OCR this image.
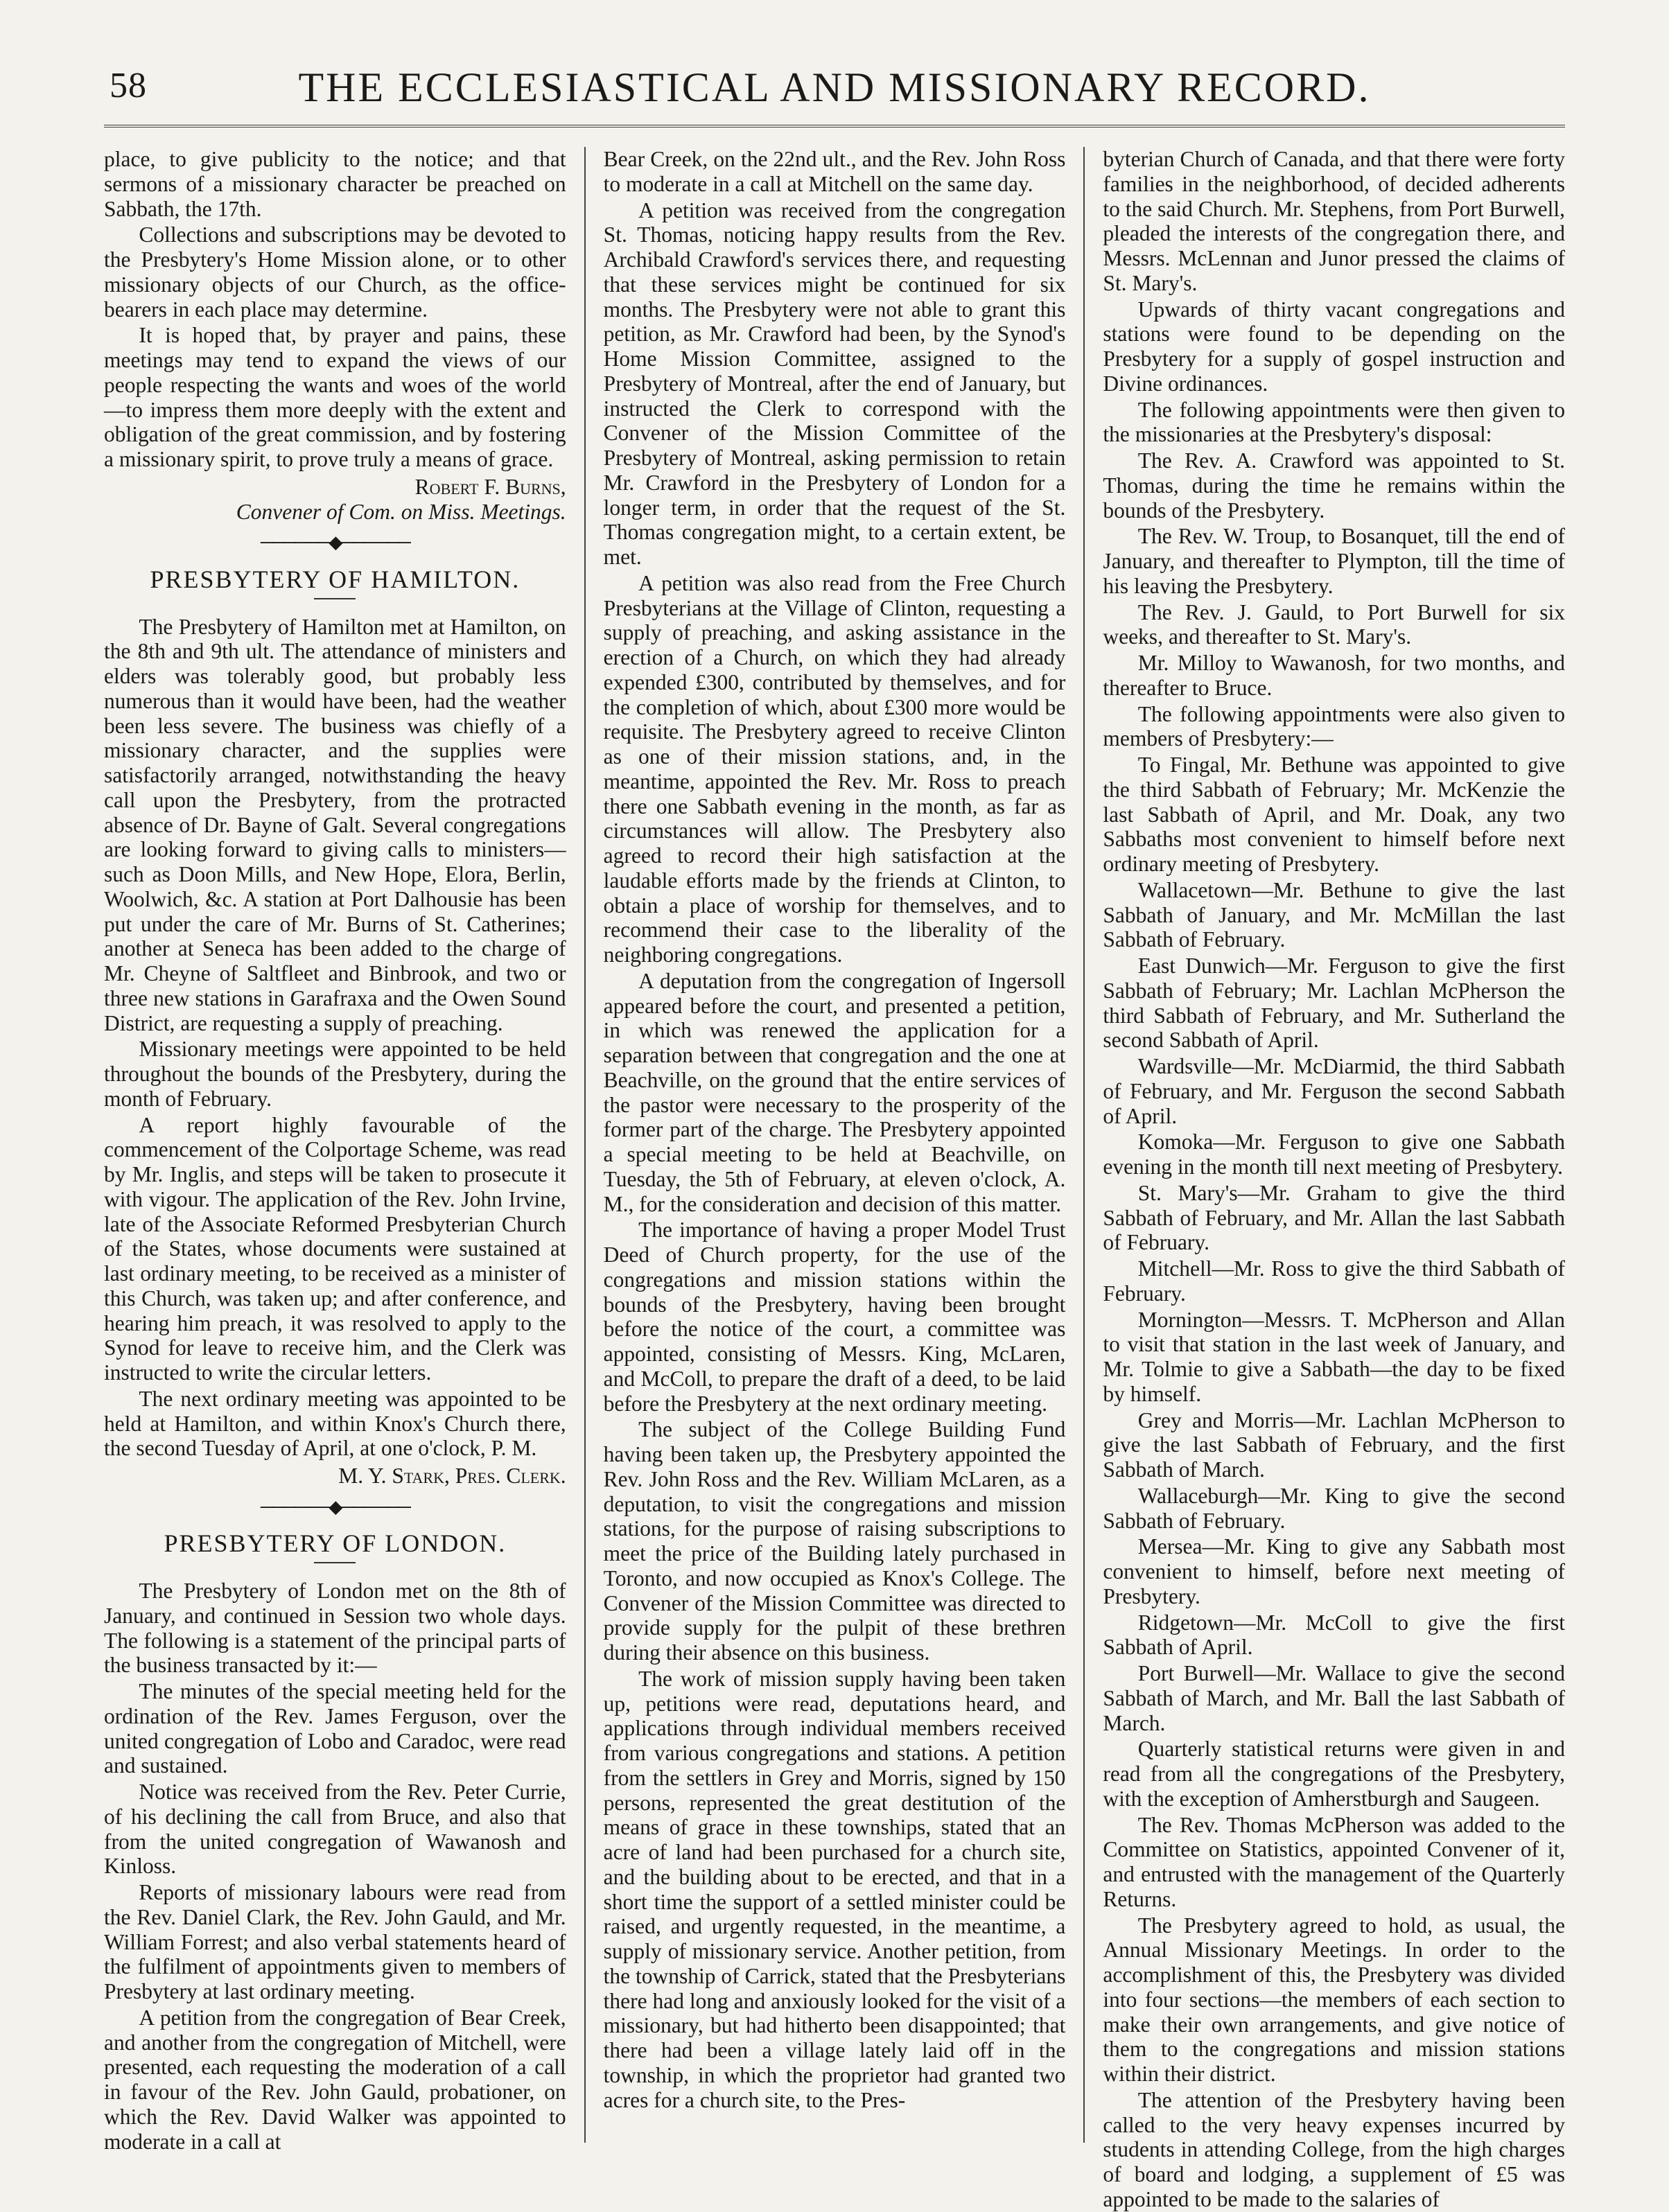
58	THE ECCLESIASTICAL AND MISSIONARY RECORD.

place, to give publicity to the notice; and that sermons of a missionary character be preached on Sabbath, the 17th.

Collections and subscriptions may be devoted to the Presbytery's Home Mission alone, or to other missionary objects of our Church, as the office-bearers in each place may determine.

It is hoped that, by prayer and pains, these meetings may tend to expand the views of our people respecting the wants and woes of the world—to impress them more deeply with the extent and obligation of the great commission, and by fostering a missionary spirit, to prove truly a means of grace.

Robert F. Burns,
Convener of Com. on Miss. Meetings.
──────◆──────
PRESBYTERY OF HAMILTON.

The Presbytery of Hamilton met at Hamilton, on the 8th and 9th ult. The attendance of ministers and elders was tolerably good, but probably less numerous than it would have been, had the weather been less severe. The business was chiefly of a missionary character, and the supplies were satisfactorily arranged, notwithstanding the heavy call upon the Presbytery, from the protracted absence of Dr. Bayne of Galt. Several congregations are looking forward to giving calls to ministers—such as Doon Mills, and New Hope, Elora, Berlin, Woolwich, &c. A station at Port Dalhousie has been put under the care of Mr. Burns of St. Catherines; another at Seneca has been added to the charge of Mr. Cheyne of Saltfleet and Binbrook, and two or three new stations in Garafraxa and the Owen Sound District, are requesting a supply of preaching.

Missionary meetings were appointed to be held throughout the bounds of the Presbytery, during the month of February.

A report highly favourable of the commencement of the Colportage Scheme, was read by Mr. Inglis, and steps will be taken to prosecute it with vigour. The application of the Rev. John Irvine, late of the Associate Reformed Presbyterian Church of the States, whose documents were sustained at last ordinary meeting, to be received as a minister of this Church, was taken up; and after conference, and hearing him preach, it was resolved to apply to the Synod for leave to receive him, and the Clerk was instructed to write the circular letters.

The next ordinary meeting was appointed to be held at Hamilton, and within Knox's Church there, the second Tuesday of April, at one o'clock, P. M.

M. Y. Stark, Pres. Clerk.
──────◆──────
PRESBYTERY OF LONDON.

The Presbytery of London met on the 8th of January, and continued in Session two whole days. The following is a statement of the principal parts of the business transacted by it:—

The minutes of the special meeting held for the ordination of the Rev. James Ferguson, over the united congregation of Lobo and Caradoc, were read and sustained.

Notice was received from the Rev. Peter Currie, of his declining the call from Bruce, and also that from the united congregation of Wawanosh and Kinloss.

Reports of missionary labours were read from the Rev. Daniel Clark, the Rev. John Gauld, and Mr. William Forrest; and also verbal statements heard of the fulfilment of appointments given to members of Presbytery at last ordinary meeting.

A petition from the congregation of Bear Creek, and another from the congregation of Mitchell, were presented, each requesting the moderation of a call in favour of the Rev. John Gauld, probationer, on which the Rev. David Walker was appointed to moderate in a call at

Bear Creek, on the 22nd ult., and the Rev. John Ross to moderate in a call at Mitchell on the same day.

A petition was received from the congregation St. Thomas, noticing happy results from the Rev. Archibald Crawford's services there, and requesting that these services might be continued for six months. The Presbytery were not able to grant this petition, as Mr. Crawford had been, by the Synod's Home Mission Committee, assigned to the Presbytery of Montreal, after the end of January, but instructed the Clerk to correspond with the Convener of the Mission Committee of the Presbytery of Montreal, asking permission to retain Mr. Crawford in the Presbytery of London for a longer term, in order that the request of the St. Thomas congregation might, to a certain extent, be met.

A petition was also read from the Free Church Presbyterians at the Village of Clinton, requesting a supply of preaching, and asking assistance in the erection of a Church, on which they had already expended £300, contributed by themselves, and for the completion of which, about £300 more would be requisite. The Presbytery agreed to receive Clinton as one of their mission stations, and, in the meantime, appointed the Rev. Mr. Ross to preach there one Sabbath evening in the month, as far as circumstances will allow. The Presbytery also agreed to record their high satisfaction at the laudable efforts made by the friends at Clinton, to obtain a place of worship for themselves, and to recommend their case to the liberality of the neighboring congregations.

A deputation from the congregation of Ingersoll appeared before the court, and presented a petition, in which was renewed the application for a separation between that congregation and the one at Beachville, on the ground that the entire services of the pastor were necessary to the prosperity of the former part of the charge. The Presbytery appointed a special meeting to be held at Beachville, on Tuesday, the 5th of February, at eleven o'clock, A. M., for the consideration and decision of this matter.

The importance of having a proper Model Trust Deed of Church property, for the use of the congregations and mission stations within the bounds of the Presbytery, having been brought before the notice of the court, a committee was appointed, consisting of Messrs. King, McLaren, and McColl, to prepare the draft of a deed, to be laid before the Presbytery at the next ordinary meeting.

The subject of the College Building Fund having been taken up, the Presbytery appointed the Rev. John Ross and the Rev. William McLaren, as a deputation, to visit the congregations and mission stations, for the purpose of raising subscriptions to meet the price of the Building lately purchased in Toronto, and now occupied as Knox's College. The Convener of the Mission Committee was directed to provide supply for the pulpit of these brethren during their absence on this business.

The work of mission supply having been taken up, petitions were read, deputations heard, and applications through individual members received from various congregations and stations. A petition from the settlers in Grey and Morris, signed by 150 persons, represented the great destitution of the means of grace in these townships, stated that an acre of land had been purchased for a church site, and the building about to be erected, and that in a short time the support of a settled minister could be raised, and urgently requested, in the meantime, a supply of missionary service. Another petition, from the township of Carrick, stated that the Presbyterians there had long and anxiously looked for the visit of a missionary, but had hitherto been disappointed; that there had been a village lately laid off in the township, in which the proprietor had granted two acres for a church site, to the Pres-

byterian Church of Canada, and that there were forty families in the neighborhood, of decided adherents to the said Church. Mr. Stephens, from Port Burwell, pleaded the interests of the congregation there, and Messrs. McLennan and Junor pressed the claims of St. Mary's.

Upwards of thirty vacant congregations and stations were found to be depending on the Presbytery for a supply of gospel instruction and Divine ordinances.

The following appointments were then given to the missionaries at the Presbytery's disposal:

The Rev. A. Crawford was appointed to St. Thomas, during the time he remains within the bounds of the Presbytery.

The Rev. W. Troup, to Bosanquet, till the end of January, and thereafter to Plympton, till the time of his leaving the Presbytery.

The Rev. J. Gauld, to Port Burwell for six weeks, and thereafter to St. Mary's.

Mr. Milloy to Wawanosh, for two months, and thereafter to Bruce.

The following appointments were also given to members of Presbytery:—

To Fingal, Mr. Bethune was appointed to give the third Sabbath of February; Mr. McKenzie the last Sabbath of April, and Mr. Doak, any two Sabbaths most convenient to himself before next ordinary meeting of Presbytery.

Wallacetown—Mr. Bethune to give the last Sabbath of January, and Mr. McMillan the last Sabbath of February.

East Dunwich—Mr. Ferguson to give the first Sabbath of February; Mr. Lachlan McPherson the third Sabbath of February, and Mr. Sutherland the second Sabbath of April.

Wardsville—Mr. McDiarmid, the third Sabbath of February, and Mr. Ferguson the second Sabbath of April.

Komoka—Mr. Ferguson to give one Sabbath evening in the month till next meeting of Presbytery.

St. Mary's—Mr. Graham to give the third Sabbath of February, and Mr. Allan the last Sabbath of February.

Mitchell—Mr. Ross to give the third Sabbath of February.

Mornington—Messrs. T. McPherson and Allan to visit that station in the last week of January, and Mr. Tolmie to give a Sabbath—the day to be fixed by himself.

Grey and Morris—Mr. Lachlan McPherson to give the last Sabbath of February, and the first Sabbath of March.

Wallaceburgh—Mr. King to give the second Sabbath of February.

Mersea—Mr. King to give any Sabbath most convenient to himself, before next meeting of Presbytery.

Ridgetown—Mr. McColl to give the first Sabbath of April.

Port Burwell—Mr. Wallace to give the second Sabbath of March, and Mr. Ball the last Sabbath of March.

Quarterly statistical returns were given in and read from all the congregations of the Presbytery, with the exception of Amherstburgh and Saugeen.

The Rev. Thomas McPherson was added to the Committee on Statistics, appointed Convener of it, and entrusted with the management of the Quarterly Returns.

The Presbytery agreed to hold, as usual, the Annual Missionary Meetings. In order to the accomplishment of this, the Presbytery was divided into four sections—the members of each section to make their own arrangements, and give notice of them to the congregations and mission stations within their district.

The attention of the Presbytery having been called to the very heavy expenses incurred by students in attending College, from the high charges of board and lodging, a supplement of £5 was appointed to be made to the salaries of
